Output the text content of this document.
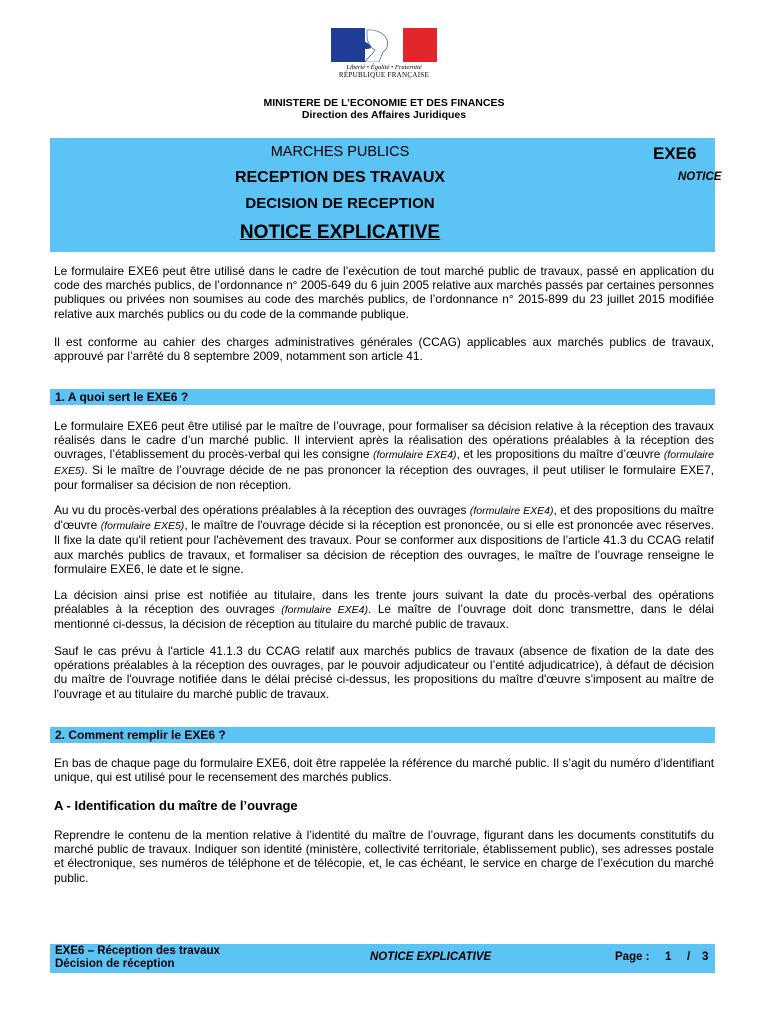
Liberté • Égalité • Fraternité
RÉPUBLIQUE FRANÇAISE
MINISTERE DE L’ECONOMIE ET DES FINANCES
Direction des Affaires Juridiques
MARCHES PUBLICS
RECEPTION DES TRAVAUX
DECISION DE RECEPTION
NOTICE EXPLICATIVE
EXE6
NOTICE
Le formulaire EXE6 peut être utilisé dans le cadre de l’exécution de tout marché public de travaux, passé en application du code des marchés publics, de l’ordonnance n° 2005-649 du 6 juin 2005 relative aux marchés passés par certaines personnes publiques ou privées non soumises au code des marchés publics, de l’ordonnance n° 2015-899 du 23 juillet 2015 modifiée relative aux marchés publics ou du code de la commande publique.
Il est conforme au cahier des charges administratives générales (CCAG) applicables aux marchés publics de travaux, approuvé par l’arrêté du 8 septembre 2009, notamment son article 41.
1. A quoi sert le EXE6 ?
Le formulaire EXE6 peut être utilisé par le maître de l’ouvrage, pour formaliser sa décision relative à la réception des travaux réalisés dans le cadre d’un marché public. Il intervient après la réalisation des opérations préalables à la réception des ouvrages, l’établissement du procès-verbal qui les consigne (formulaire EXE4), et les propositions du maître d’œuvre (formulaire EXE5). Si le maître de l’ouvrage décide de ne pas prononcer la réception des ouvrages, il peut utiliser le formulaire EXE7, pour formaliser sa décision de non réception.
Au vu du procès-verbal des opérations préalables à la réception des ouvrages (formulaire EXE4), et des propositions du maître d'œuvre (formulaire EXE5), le maître de l'ouvrage décide si la réception est prononcée, ou si elle est prononcée avec réserves. Il fixe la date qu'il retient pour l'achèvement des travaux. Pour se conformer aux dispositions de l’article 41.3 du CCAG relatif aux marchés publics de travaux, et formaliser sa décision de réception des ouvrages, le maître de l’ouvrage renseigne le formulaire EXE6, le date et le signe.
La décision ainsi prise est notifiée au titulaire, dans les trente jours suivant la date du procès-verbal des opérations préalables à la réception des ouvrages (formulaire EXE4). Le maître de l’ouvrage doit donc transmettre, dans le délai mentionné ci-dessus, la décision de réception au titulaire du marché public de travaux.
Sauf le cas prévu à l'article 41.1.3 du CCAG relatif aux marchés publics de travaux (absence de fixation de la date des opérations préalables à la réception des ouvrages, par le pouvoir adjudicateur ou l’entité adjudicatrice), à défaut de décision du maître de l'ouvrage notifiée dans le délai précisé ci-dessus, les propositions du maître d'œuvre s'imposent au maître de l'ouvrage et au titulaire du marché public de travaux.
2. Comment remplir le EXE6 ?
En bas de chaque page du formulaire EXE6, doit être rappelée la référence du marché public. Il s’agit du numéro d’identifiant unique, qui est utilisé pour le recensement des marchés publics.
A - Identification du maître de l’ouvrage
Reprendre le contenu de la mention relative à l’identité du maître de l’ouvrage, figurant dans les documents constitutifs du marché public de travaux. Indiquer son identité (ministère, collectivité territoriale, établissement public), ses adresses postale et électronique, ses numéros de téléphone et de télécopie, et, le cas échéant, le service en charge de l’exécution du marché public.
EXE6 – Réception des travaux
Décision de réception
NOTICE EXPLICATIVE	Page : 1 / 3
